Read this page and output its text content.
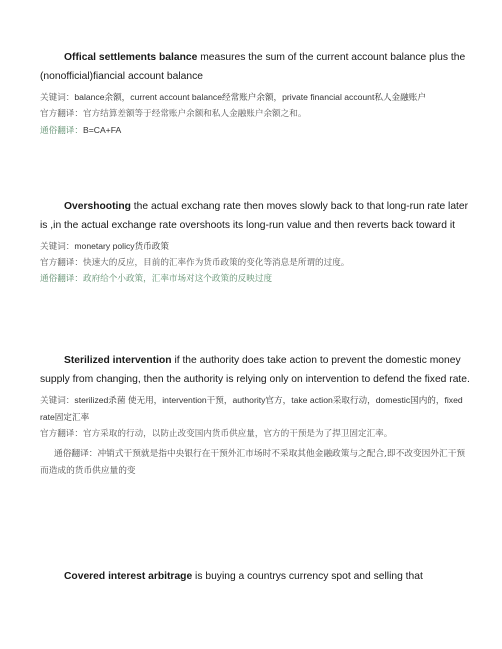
Offical settlements balance measures the sum of the current account balance plus the (nonofficial)fiancial account balance

关键词：balance余额，current account balance经常账户余额，private financial account私人金融账户

官方翻译：官方结算差额等于经常账户余额和私人金融账户余额之和。

通俗翻译：B=CA+FA

Overshooting the actual exchang rate then moves slowly back to that long-run rate later is ,in the actual exchange rate overshoots its long-run value and then reverts back toward it

关键词：monetary policy货币政策

官方翻译：快速大的反应，目前的汇率作为货币政策的变化等消息是所谓的过度。

通俗翻译：政府给个小政策，汇率市场对这个政策的反映过度

Sterilized intervention if the authority does take action to prevent the domestic money supply from changing, then the authority is relying only on intervention to defend the fixed rate.

关键词：sterilized杀菌 使无用，intervention干预，authority官方，take action采取行动，domestic国内的，fixed rate固定汇率

官方翻译：官方采取的行动，以防止改变国内货币供应量，官方的干预是为了捍卫固定汇率。

通俗翻译：冲销式干预就是指中央银行在干预外汇市场时不采取其他金融政策与之配合,即不改变因外汇干预而造成的货币供应量的变

Covered interest arbitrage is buying a countrys currency spot and selling that
